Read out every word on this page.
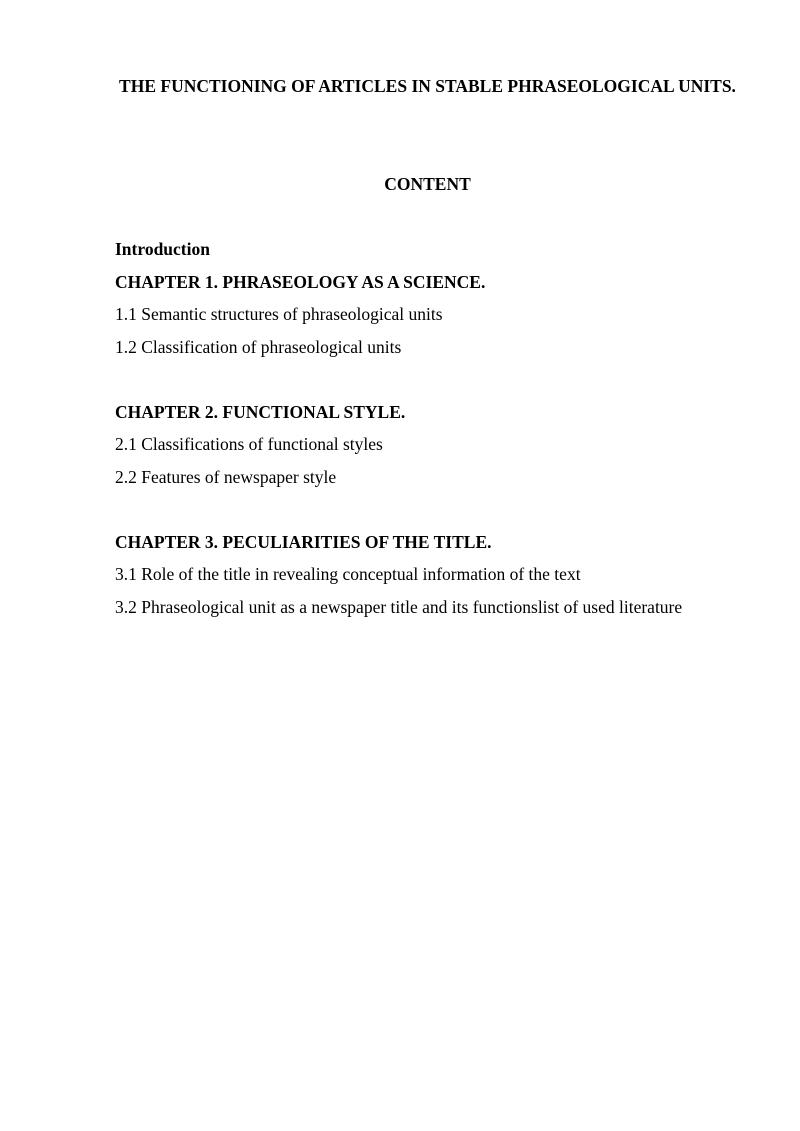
THE FUNCTIONING OF ARTICLES IN STABLE PHRASEOLOGICAL UNITS.
CONTENT
Introduction
CHAPTER 1. PHRASEOLOGY AS A SCIENCE.
1.1 Semantic structures of phraseological units
1.2 Classification of phraseological units
CHAPTER 2. FUNCTIONAL STYLE.
2.1 Classifications of functional styles
2.2 Features of newspaper style
CHAPTER 3. PECULIARITIES OF THE TITLE.
3.1 Role of the title in revealing conceptual information of the text
3.2 Phraseological unit as a newspaper title and its functionslist of used literature
